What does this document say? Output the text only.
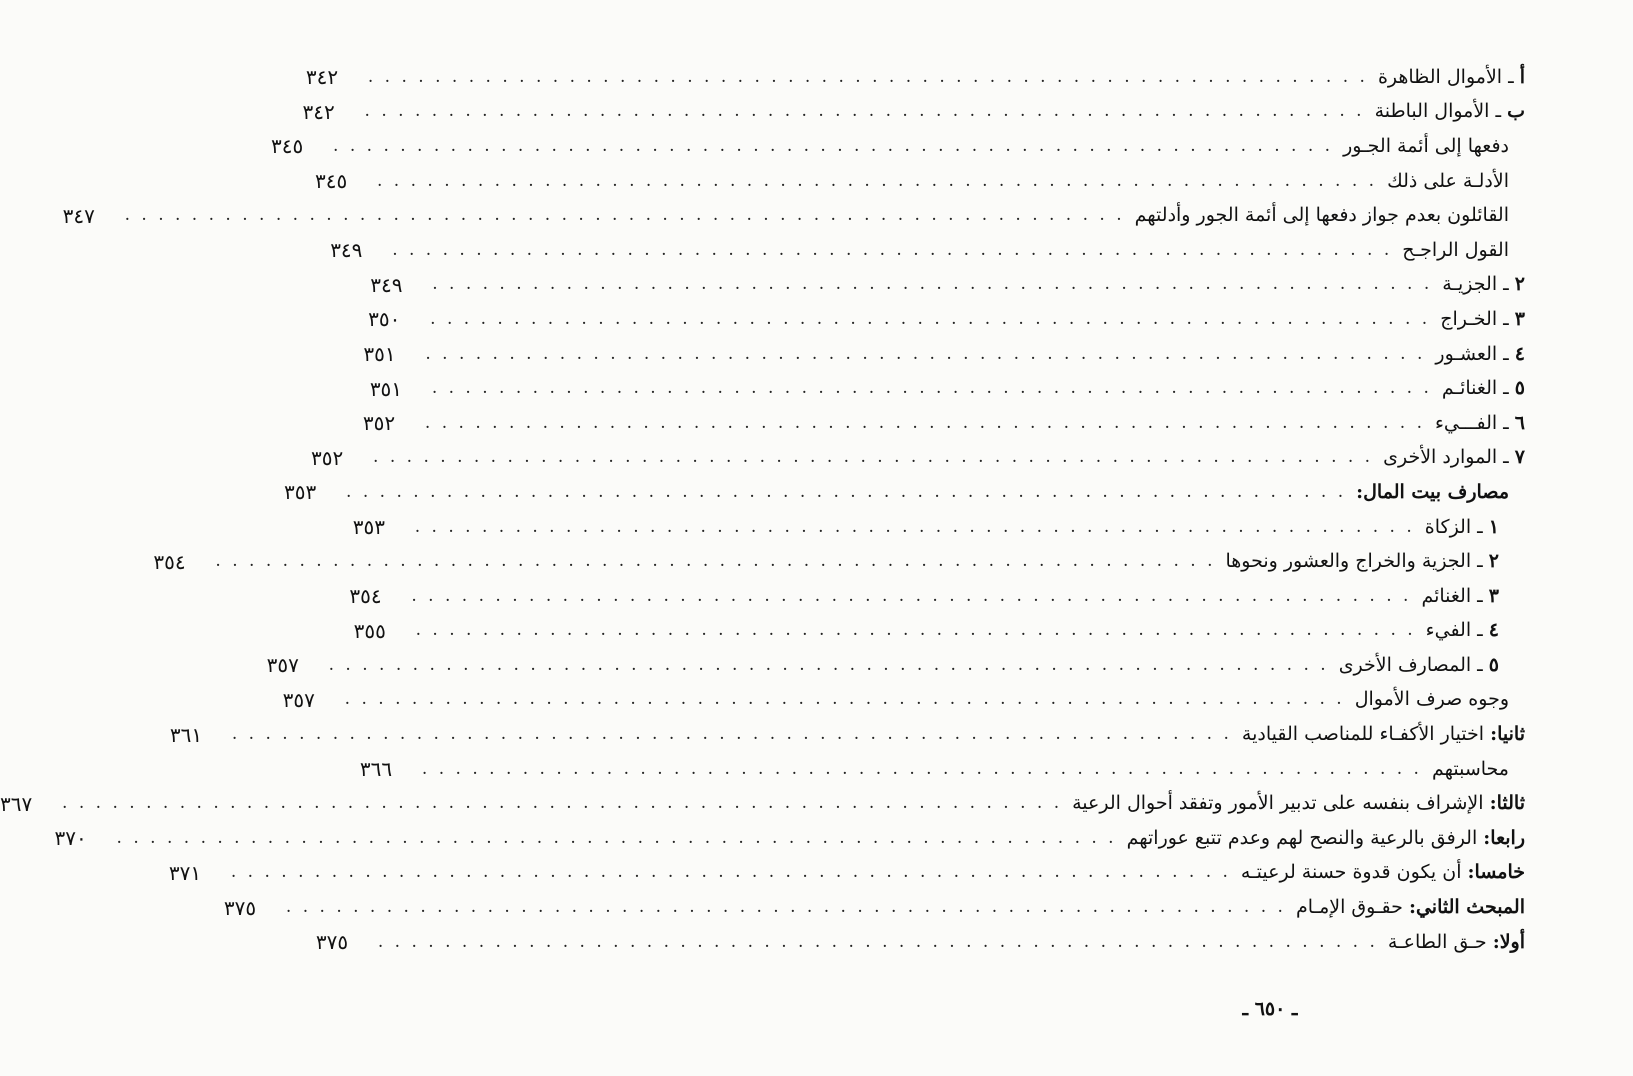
أ ـ الأموال الظاهرة
. . . . . . . . . . . . . . . . . . . . . . . . . . . . . . . . . . . . . . . . . . . . . . . . . . . . . . . . . . . .
٣٤٢
ب ـ الأموال الباطنة
. . . . . . . . . . . . . . . . . . . . . . . . . . . . . . . . . . . . . . . . . . . . . . . . . . . . . . . . . . . .
٣٤٢
دفعها إلى أئمة الجـور
. . . . . . . . . . . . . . . . . . . . . . . . . . . . . . . . . . . . . . . . . . . . . . . . . . . . . . . . . . . .
٣٤٥
الأدلـة على ذلك
. . . . . . . . . . . . . . . . . . . . . . . . . . . . . . . . . . . . . . . . . . . . . . . . . . . . . . . . . . . .
٣٤٥
القائلون بعدم جواز دفعها إلى أئمة الجور وأدلتهم
. . . . . . . . . . . . . . . . . . . . . . . . . . . . . . . . . . . . . . . . . . . . . . . . . . . . . . . . . . . .
٣٤٧
القول الراجـح
. . . . . . . . . . . . . . . . . . . . . . . . . . . . . . . . . . . . . . . . . . . . . . . . . . . . . . . . . . . .
٣٤٩
٢ ـ الجزيـة
. . . . . . . . . . . . . . . . . . . . . . . . . . . . . . . . . . . . . . . . . . . . . . . . . . . . . . . . . . . .
٣٤٩
٣ ـ الخـراج
. . . . . . . . . . . . . . . . . . . . . . . . . . . . . . . . . . . . . . . . . . . . . . . . . . . . . . . . . . . .
٣٥٠
٤ ـ العشـور
. . . . . . . . . . . . . . . . . . . . . . . . . . . . . . . . . . . . . . . . . . . . . . . . . . . . . . . . . . . .
٣٥١
٥ ـ الغنائـم
. . . . . . . . . . . . . . . . . . . . . . . . . . . . . . . . . . . . . . . . . . . . . . . . . . . . . . . . . . . .
٣٥١
٦ ـ الفـــيء
. . . . . . . . . . . . . . . . . . . . . . . . . . . . . . . . . . . . . . . . . . . . . . . . . . . . . . . . . . . .
٣٥٢
٧ ـ الموارد الأخرى
. . . . . . . . . . . . . . . . . . . . . . . . . . . . . . . . . . . . . . . . . . . . . . . . . . . . . . . . . . . .
٣٥٢
مصارف بيت المال:
. . . . . . . . . . . . . . . . . . . . . . . . . . . . . . . . . . . . . . . . . . . . . . . . . . . . . . . . . . . .
٣٥٣
١ ـ الزكاة
. . . . . . . . . . . . . . . . . . . . . . . . . . . . . . . . . . . . . . . . . . . . . . . . . . . . . . . . . . . .
٣٥٣
٢ ـ الجزية والخراج والعشور ونحوها
. . . . . . . . . . . . . . . . . . . . . . . . . . . . . . . . . . . . . . . . . . . . . . . . . . . . . . . . . . . .
٣٥٤
٣ ـ الغنائم
. . . . . . . . . . . . . . . . . . . . . . . . . . . . . . . . . . . . . . . . . . . . . . . . . . . . . . . . . . . .
٣٥٤
٤ ـ الفيء
. . . . . . . . . . . . . . . . . . . . . . . . . . . . . . . . . . . . . . . . . . . . . . . . . . . . . . . . . . . .
٣٥٥
٥ ـ المصارف الأخرى
. . . . . . . . . . . . . . . . . . . . . . . . . . . . . . . . . . . . . . . . . . . . . . . . . . . . . . . . . . . .
٣٥٧
وجوه صرف الأموال
. . . . . . . . . . . . . . . . . . . . . . . . . . . . . . . . . . . . . . . . . . . . . . . . . . . . . . . . . . . .
٣٥٧
ثانيا: اختيار الأكفـاء للمناصب القيادية
. . . . . . . . . . . . . . . . . . . . . . . . . . . . . . . . . . . . . . . . . . . . . . . . . . . . . . . . . . . .
٣٦١
محاسبتهم
. . . . . . . . . . . . . . . . . . . . . . . . . . . . . . . . . . . . . . . . . . . . . . . . . . . . . . . . . . . .
٣٦٦
ثالثا: الإشراف بنفسه على تدبير الأمور وتفقد أحوال الرعية
. . . . . . . . . . . . . . . . . . . . . . . . . . . . . . . . . . . . . . . . . . . . . . . . . . . . . . . . . . . .
٣٦٧
رابعا: الرفق بالرعية والنصح لهم وعدم تتبع عوراتهم
. . . . . . . . . . . . . . . . . . . . . . . . . . . . . . . . . . . . . . . . . . . . . . . . . . . . . . . . . . . .
٣٧٠
خامسا: أن يكون قدوة حسنة لرعيتـه
. . . . . . . . . . . . . . . . . . . . . . . . . . . . . . . . . . . . . . . . . . . . . . . . . . . . . . . . . . . .
٣٧١
المبحث الثاني: حقـوق الإمـام
. . . . . . . . . . . . . . . . . . . . . . . . . . . . . . . . . . . . . . . . . . . . . . . . . . . . . . . . . . . .
٣٧٥
أولا: حـق الطاعـة
. . . . . . . . . . . . . . . . . . . . . . . . . . . . . . . . . . . . . . . . . . . . . . . . . . . . . . . . . . . .
٣٧٥
ـ ٦٥٠ ـ
